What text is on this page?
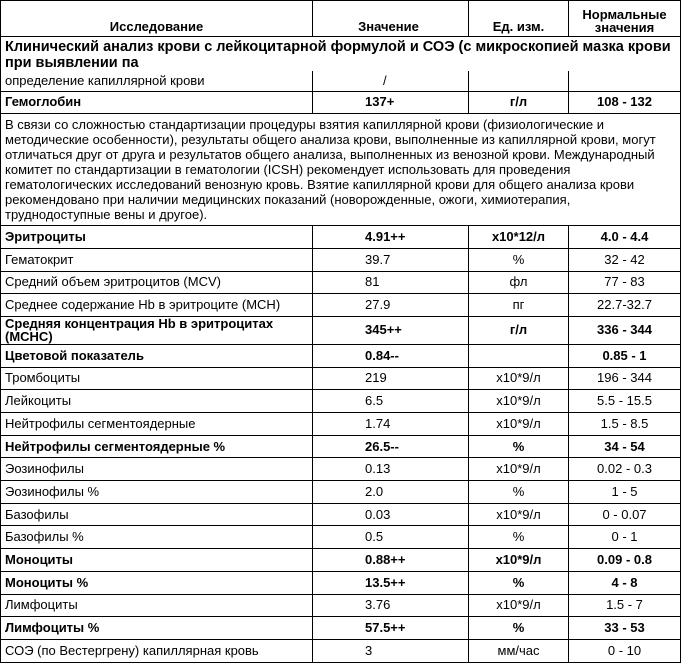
Исследование	Значение	Ед. изм.	Нормальные
значения
Клинический анализ крови с лейкоцитарной формулой и СОЭ (с микроскопией мазка крови при выявлении па			
определение капиллярной крови	/		
Гемоглобин	137+	г/л	108 - 132
В связи со сложностью стандартизации процедуры взятия капиллярной крови (физиологические и методические особенности), результаты общего анализа крови, выполненные из капиллярной крови, могут отличаться друг от друга и результатов общего анализа, выполненных из венозной крови. Международный комитет по стандартизации в гематологии (ICSH) рекомендует использовать для проведения гематологических исследований венозную кровь. Взятие капиллярной крови для общего анализа крови рекомендовано при наличии медицинских показаний (новорожденные, ожоги, химиотерапия, труднодоступные вены и другое).			
Эритроциты	4.91++	x10*12/л	4.0 - 4.4
Гематокрит	39.7	%	32 - 42
Средний объем эритроцитов (MCV)	81	фл	77 - 83
Среднее содержание Hb в эритроците (MCH)	27.9	пг	22.7-32.7
Средняя концентрация Hb в эритроцитах (MCHC)	345++	г/л	336 - 344
Цветовой показатель	0.84--		0.85 - 1
Тромбоциты	219	x10*9/л	196 - 344
Лейкоциты	6.5	x10*9/л	5.5 - 15.5
Нейтрофилы сегментоядерные	1.74	x10*9/л	1.5 - 8.5
Нейтрофилы сегментоядерные %	26.5--	%	34 - 54
Эозинофилы	0.13	x10*9/л	0.02 - 0.3
Эозинофилы %	2.0	%	1 - 5
Базофилы	0.03	x10*9/л	0 - 0.07
Базофилы %	0.5	%	0 - 1
Моноциты	0.88++	x10*9/л	0.09 - 0.8
Моноциты %	13.5++	%	4 - 8
Лимфоциты	3.76	x10*9/л	1.5 - 7
Лимфоциты %	57.5++	%	33 - 53
СОЭ (по Вестергрену) капиллярная кровь	3	мм/час	0 - 10
